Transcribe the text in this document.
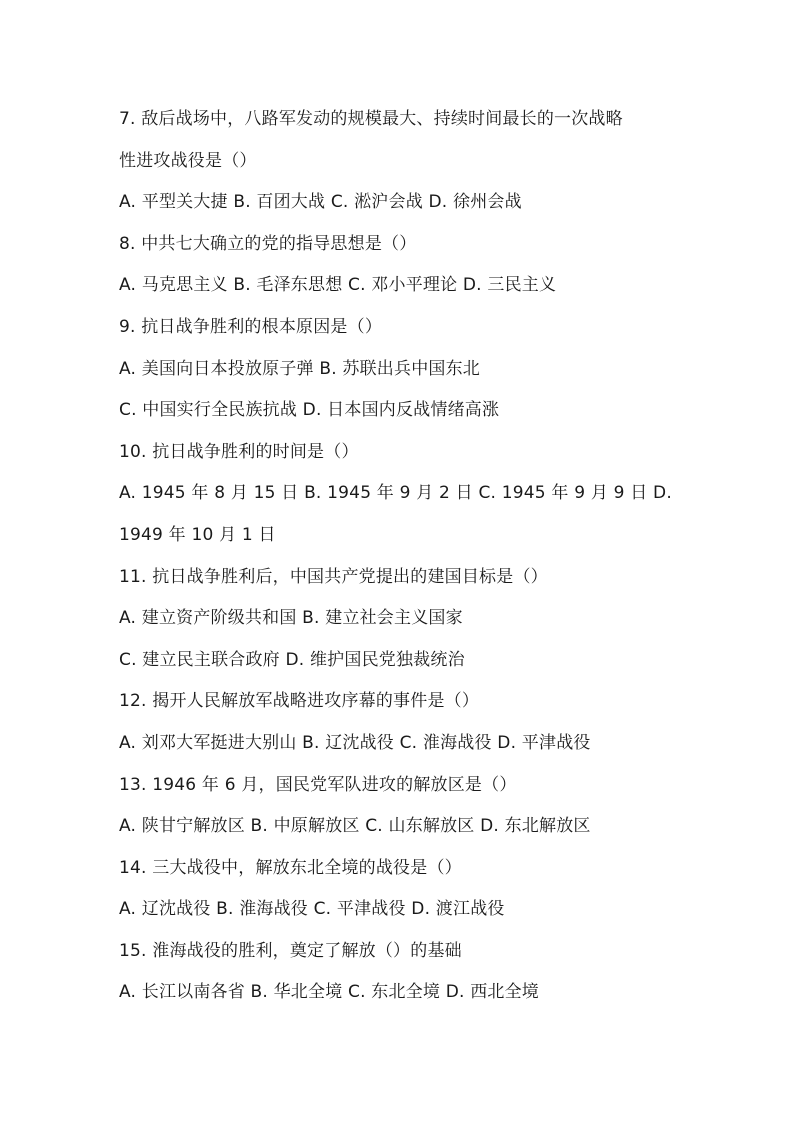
7. 敌后战场中，八路军发动的规模最大、持续时间最长的一次战略
性进攻战役是（）
A. 平型关大捷 B. 百团大战 C. 淞沪会战 D. 徐州会战
8. 中共七大确立的党的指导思想是（）
A. 马克思主义 B. 毛泽东思想 C. 邓小平理论 D. 三民主义
9. 抗日战争胜利的根本原因是（）
A. 美国向日本投放原子弹 B. 苏联出兵中国东北
C. 中国实行全民族抗战 D. 日本国内反战情绪高涨
10. 抗日战争胜利的时间是（）
A. 1945 年 8 月 15 日 B. 1945 年 9 月 2 日 C. 1945 年 9 月 9 日 D.
1949 年 10 月 1 日
11. 抗日战争胜利后，中国共产党提出的建国目标是（）
A. 建立资产阶级共和国 B. 建立社会主义国家
C. 建立民主联合政府 D. 维护国民党独裁统治
12. 揭开人民解放军战略进攻序幕的事件是（）
A. 刘邓大军挺进大别山 B. 辽沈战役 C. 淮海战役 D. 平津战役
13. 1946 年 6 月，国民党军队进攻的解放区是（）
A. 陕甘宁解放区 B. 中原解放区 C. 山东解放区 D. 东北解放区
14. 三大战役中，解放东北全境的战役是（）
A. 辽沈战役 B. 淮海战役 C. 平津战役 D. 渡江战役
15. 淮海战役的胜利，奠定了解放（）的基础
A. 长江以南各省 B. 华北全境 C. 东北全境 D. 西北全境
